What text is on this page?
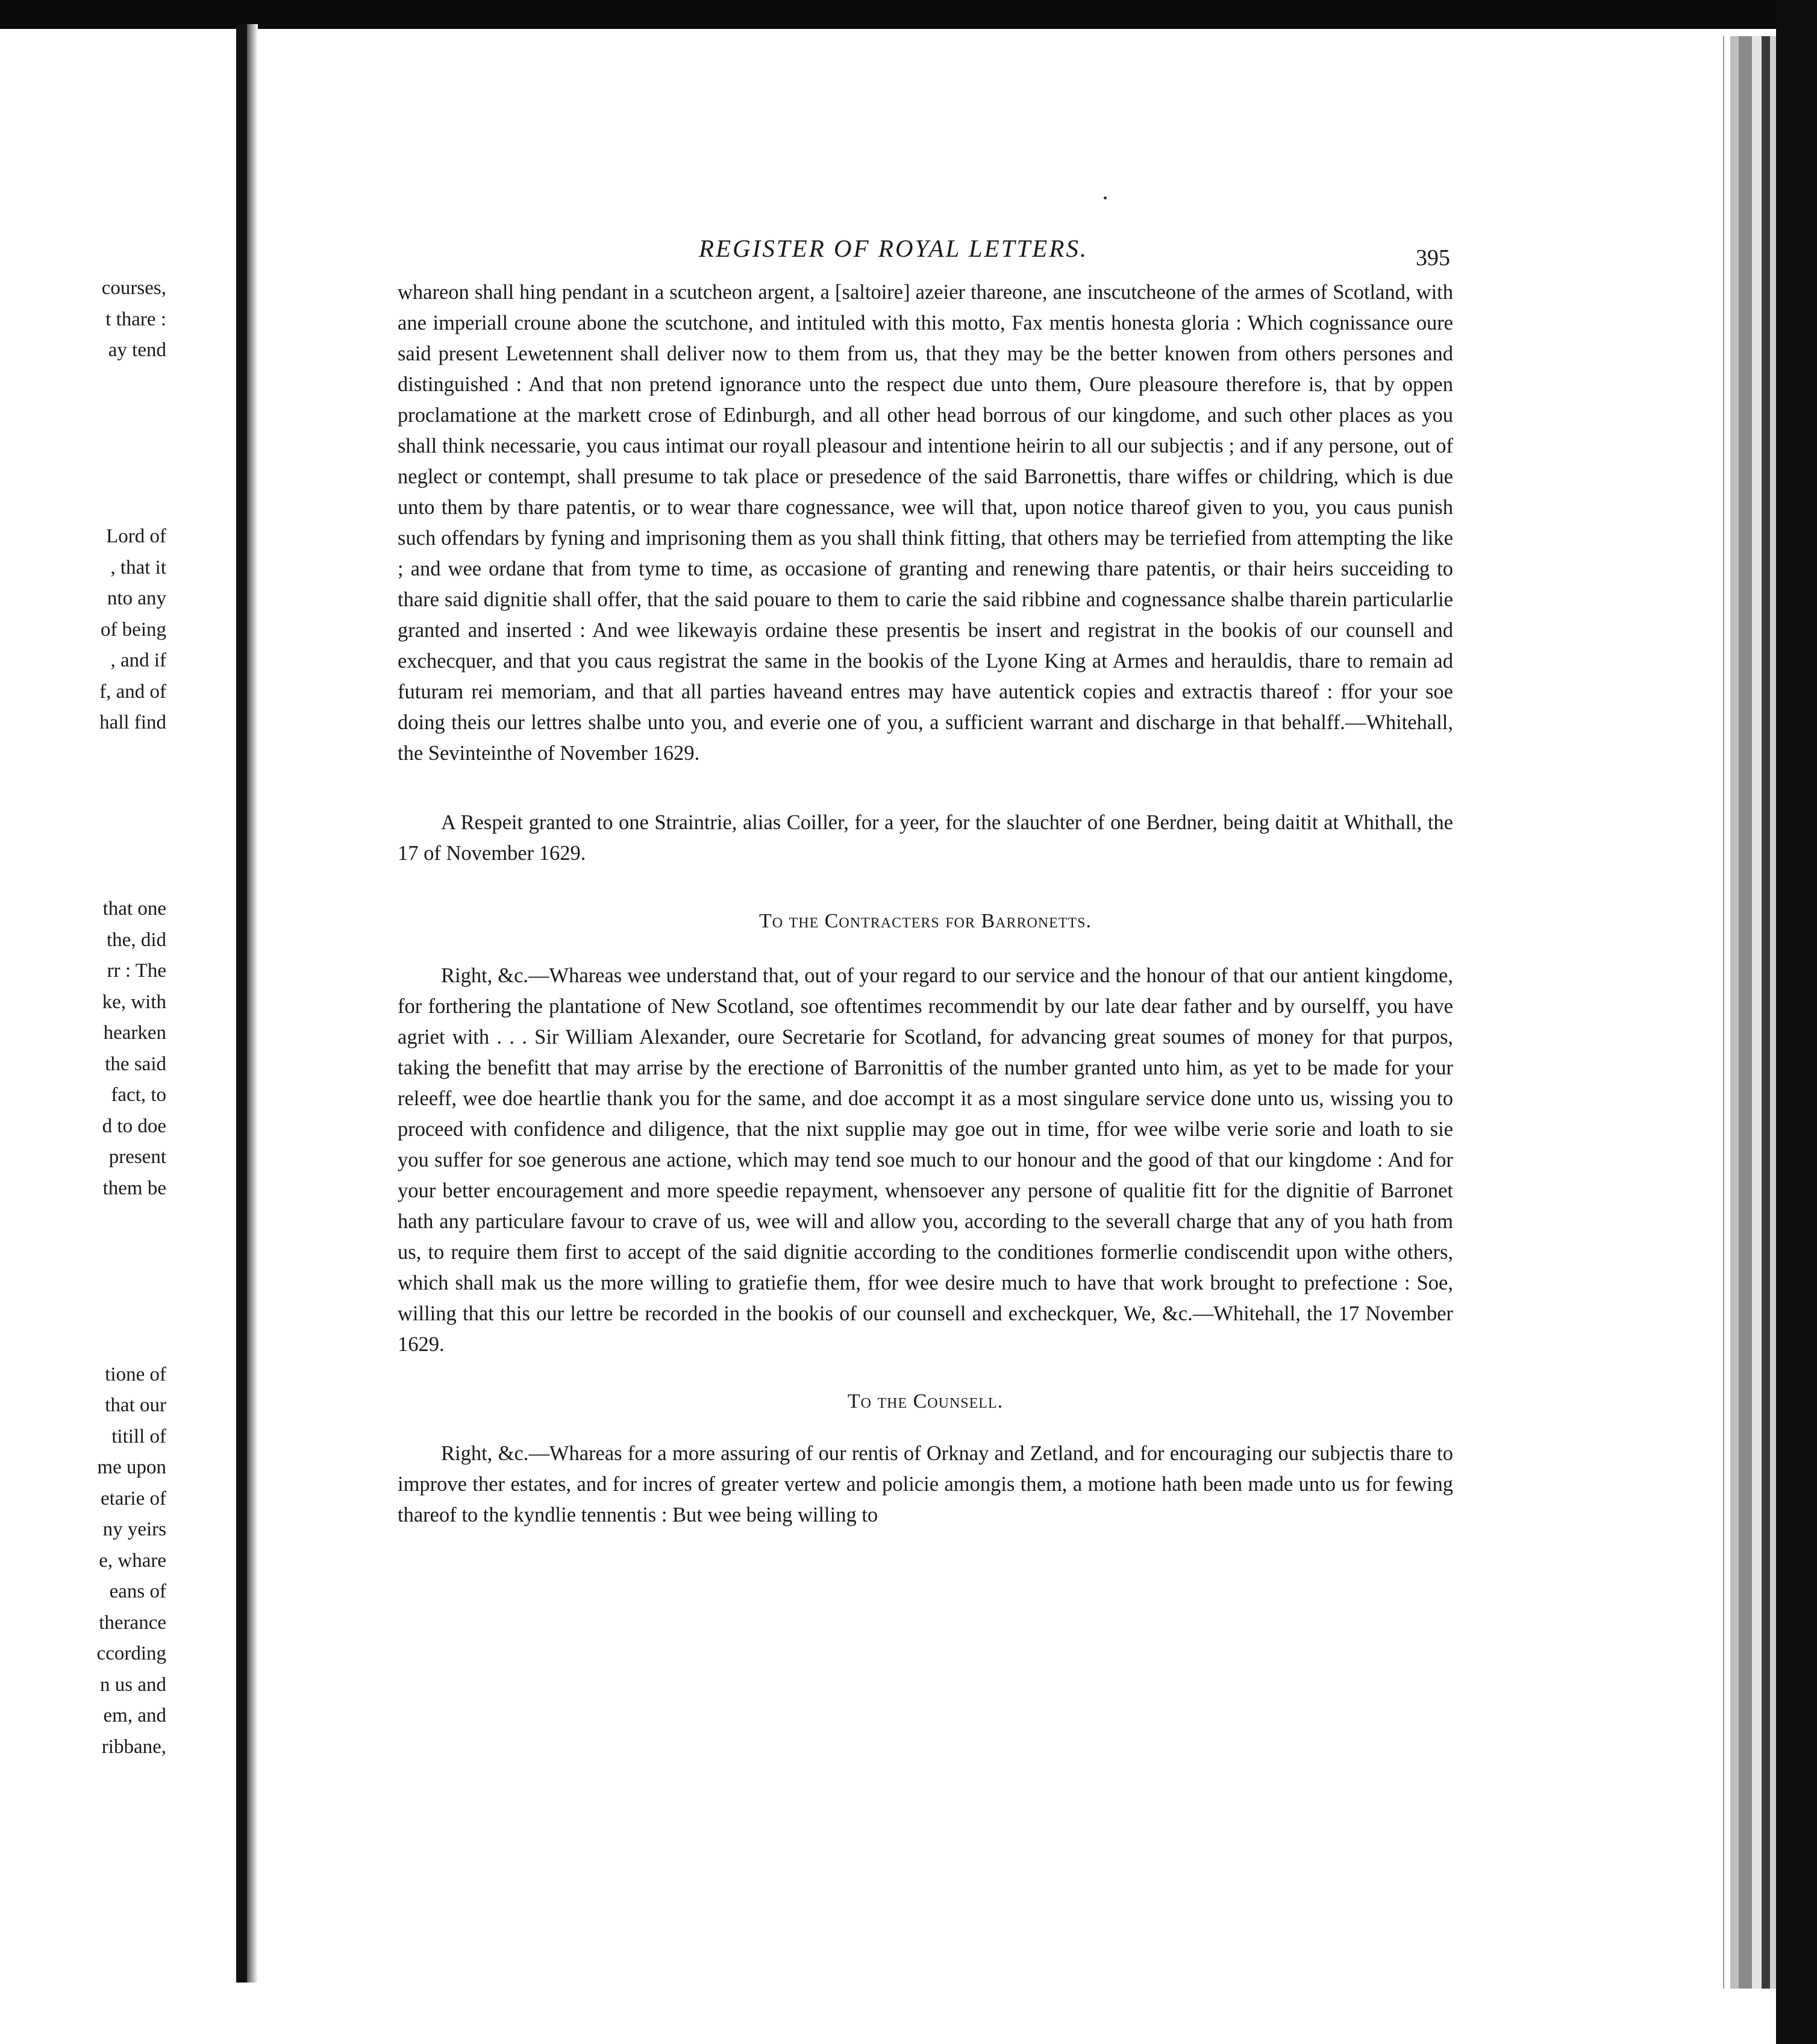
courses,
t thare :
ay tend
Lord of
, that it
nto any
of being
, and if
f, and of
hall find
that one
the, did
rr : The
ke, with
hearken
the said
fact, to
d to doe
present
them be
tione of
that our
titill of
me upon
etarie of
ny yeirs
e, whare
eans of
therance
ccording
n us and
em, and
ribbane,
REGISTER OF ROYAL LETTERS.	395

whareon shall hing pendant in a scutcheon argent, a [saltoire] azeier thareone, ane inscutcheone of the armes of Scotland, with ane imperiall croune abone the scutchone, and intituled with this motto, Fax mentis honesta gloria : Which cognissance oure said present Lewetennent shall deliver now to them from us, that they may be the better knowen from others persones and distinguished : And that non pretend ignorance unto the respect due unto them, Oure pleasoure therefore is, that by oppen proclamatione at the markett crose of Edinburgh, and all other head borrous of our kingdome, and such other places as you shall think necessarie, you caus intimat our royall pleasour and intentione heirin to all our subjectis ; and if any persone, out of neglect or contempt, shall presume to tak place or presedence of the said Barronettis, thare wiffes or childring, which is due unto them by thare patentis, or to wear thare cognessance, wee will that, upon notice thareof given to you, you caus punish such offendars by fyning and imprisoning them as you shall think fitting, that others may be terriefied from attempting the like ; and wee ordane that from tyme to time, as occasione of granting and renewing thare patentis, or thair heirs succeiding to thare said dignitie shall offer, that the said pouare to them to carie the said ribbine and cognessance shalbe tharein particularlie granted and inserted : And wee likewayis ordaine these presentis be insert and registrat in the bookis of our counsell and exchecquer, and that you caus registrat the same in the bookis of the Lyone King at Armes and herauldis, thare to remain ad futuram rei memoriam, and that all parties haveand entres may have autentick copies and extractis thareof : ffor your soe doing theis our lettres shalbe unto you, and everie one of you, a sufficient warrant and discharge in that behalff.—Whitehall, the Sevinteinthe of November 1629.

A Respeit granted to one Straintrie, alias Coiller, for a yeer, for the slauchter of one Berdner, being daitit at Whithall, the 17 of November 1629.

To the Contracters for Barronetts.

Right, &c.—Whareas wee understand that, out of your regard to our service and the honour of that our antient kingdome, for forthering the plantatione of New Scotland, soe oftentimes recommendit by our late dear father and by ourselff, you have agriet with . . . Sir William Alexander, oure Secretarie for Scotland, for advancing great soumes of money for that purpos, taking the benefitt that may arrise by the erectione of Barronittis of the number granted unto him, as yet to be made for your releeff, wee doe heartlie thank you for the same, and doe accompt it as a most singulare service done unto us, wissing you to proceed with confidence and diligence, that the nixt supplie may goe out in time, ffor wee wilbe verie sorie and loath to sie you suffer for soe generous ane actione, which may tend soe much to our honour and the good of that our kingdome : And for your better encouragement and more speedie repayment, whensoever any persone of qualitie fitt for the dignitie of Barronet hath any particulare favour to crave of us, wee will and allow you, according to the severall charge that any of you hath from us, to require them first to accept of the said dignitie according to the conditiones formerlie condiscendit upon withe others, which shall mak us the more willing to gratiefie them, ffor wee desire much to have that work brought to prefectione : Soe, willing that this our lettre be recorded in the bookis of our counsell and excheckquer, We, &c.—Whitehall, the 17 November 1629.

To the Counsell.

Right, &c.—Whareas for a more assuring of our rentis of Orknay and Zetland, and for encouraging our subjectis thare to improve ther estates, and for incres of greater vertew and policie amongis them, a motione hath been made unto us for fewing thareof to the kyndlie tennentis : But wee being willing to
